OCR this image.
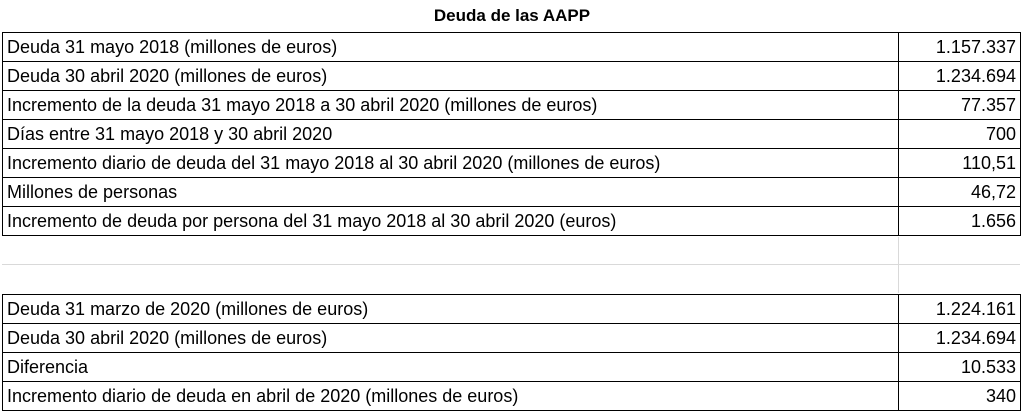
Deuda de las AAPP
Deuda 31 mayo 2018 (millones de euros)	1.157.337
Deuda 30 abril 2020 (millones de euros)	1.234.694
Incremento de la deuda 31 mayo 2018 a 30 abril 2020 (millones de euros)	77.357
Días entre 31 mayo 2018 y 30 abril 2020	700
Incremento diario de deuda del 31 mayo 2018 al 30 abril 2020 (millones de euros)	110,51
Millones de personas	46,72
Incremento de deuda por persona del 31 mayo 2018 al 30 abril 2020 (euros)	1.656
Deuda 31 marzo de 2020 (millones de euros)	1.224.161
Deuda 30 abril 2020 (millones de euros)	1.234.694
Diferencia	10.533
Incremento diario de deuda en abril de 2020 (millones de euros)	340
